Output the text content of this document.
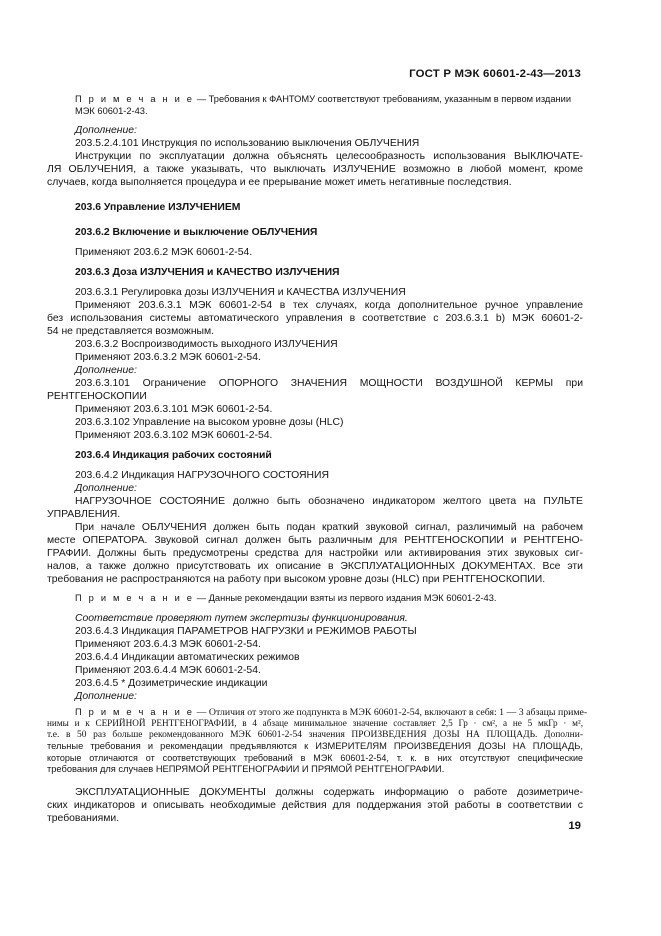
ГОСТ Р МЭК 60601-2-43—2013
П р и м е ч а н и е — Требования к ФАНТОМУ соответствуют требованиям, указанным в первом издании
МЭК 60601-2-43.
Дополнение:
203.5.2.4.101 Инструкция по использованию выключения ОБЛУЧЕНИЯ
Инструкции по эксплуатации должна объяснять целесообразность использования ВЫКЛЮЧАТЕ-
ЛЯ ОБЛУЧЕНИЯ, а также указывать, что выключать ИЗЛУЧЕНИЕ возможно в любой момент, кроме
случаев, когда выполняется процедура и ее прерывание может иметь негативные последствия.
203.6 Управление ИЗЛУЧЕНИЕМ
203.6.2 Включение и выключение ОБЛУЧЕНИЯ
Применяют 203.6.2 МЭК 60601-2-54.
203.6.3 Доза ИЗЛУЧЕНИЯ и КАЧЕСТВО ИЗЛУЧЕНИЯ
203.6.3.1 Регулировка дозы ИЗЛУЧЕНИЯ и КАЧЕСТВА ИЗЛУЧЕНИЯ
Применяют 203.6.3.1 МЭК 60601-2-54 в тех случаях, когда дополнительное ручное управление
без использования системы автоматического управления в соответствие с 203.6.3.1 b) МЭК 60601-2-
54 не представляется возможным.
203.6.3.2 Воспроизводимость выходного ИЗЛУЧЕНИЯ
Применяют 203.6.3.2 МЭК 60601-2-54.
Дополнение:
203.6.3.101 Ограничение ОПОРНОГО ЗНАЧЕНИЯ МОЩНОСТИ ВОЗДУШНОЙ КЕРМЫ при
РЕНТГЕНОСКОПИИ
Применяют 203.6.3.101 МЭК 60601-2-54.
203.6.3.102 Управление на высоком уровне дозы (HLC)
Применяют 203.6.3.102 МЭК 60601-2-54.
203.6.4 Индикация рабочих состояний
203.6.4.2 Индикация НАГРУЗОЧНОГО СОСТОЯНИЯ
Дополнение:
НАГРУЗОЧНОЕ СОСТОЯНИЕ должно быть обозначено индикатором желтого цвета на ПУЛЬТЕ
УПРАВЛЕНИЯ.
При начале ОБЛУЧЕНИЯ должен быть подан краткий звуковой сигнал, различимый на рабочем
месте ОПЕРАТОРА. Звуковой сигнал должен быть различным для РЕНТГЕНОСКОПИИ и РЕНТГЕНО-
ГРАФИИ. Должны быть предусмотрены средства для настройки или активирования этих звуковых сиг-
налов, а также должно присутствовать их описание в ЭКСПЛУАТАЦИОННЫХ ДОКУМЕНТАХ. Все эти
требования не распространяются на работу при высоком уровне дозы (HLC) при РЕНТГЕНОСКОПИИ.
П р и м е ч а н и е — Данные рекомендации взяты из первого издания МЭК 60601-2-43.
Соответствие проверяют путем экспертизы функционирования.
203.6.4.3 Индикация ПАРАМЕТРОВ НАГРУЗКИ и РЕЖИМОВ РАБОТЫ
Применяют 203.6.4.3 МЭК 60601-2-54.
203.6.4.4 Индикации автоматических режимов
Применяют 203.6.4.4 МЭК 60601-2-54.
203.6.4.5 * Дозиметрические индикации
Дополнение:
П р и м е ч а н и е — Отличия от этого же подпункта в МЭК 60601-2-54, включают в себя: 1 — 3 абзацы приме-
нимы и к СЕРИЙНОЙ РЕНТГЕНОГРАФИИ, в 4 абзаце минимальное значение составляет 2,5 Гр · см², а не 5 мкГр · м²,
т.е. в 50 раз больше рекомендованного МЭК 60601-2-54 значения ПРОИЗВЕДЕНИЯ ДОЗЫ НА ПЛОЩАДЬ. Дополни-
тельные требования и рекомендации предъявляются к ИЗМЕРИТЕЛЯМ ПРОИЗВЕДЕНИЯ ДОЗЫ НА ПЛОЩАДЬ,
которые отличаются от соответствующих требований в МЭК 60601-2-54, т. к. в них отсутствуют специфические
требования для случаев НЕПРЯМОЙ РЕНТГЕНОГРАФИИ И ПРЯМОЙ РЕНТГЕНОГРАФИИ.
ЭКСПЛУАТАЦИОННЫЕ ДОКУМЕНТЫ должны содержать информацию о работе дозиметриче-
ских индикаторов и описывать необходимые действия для поддержания этой работы в соответствии с
требованиями.
19
